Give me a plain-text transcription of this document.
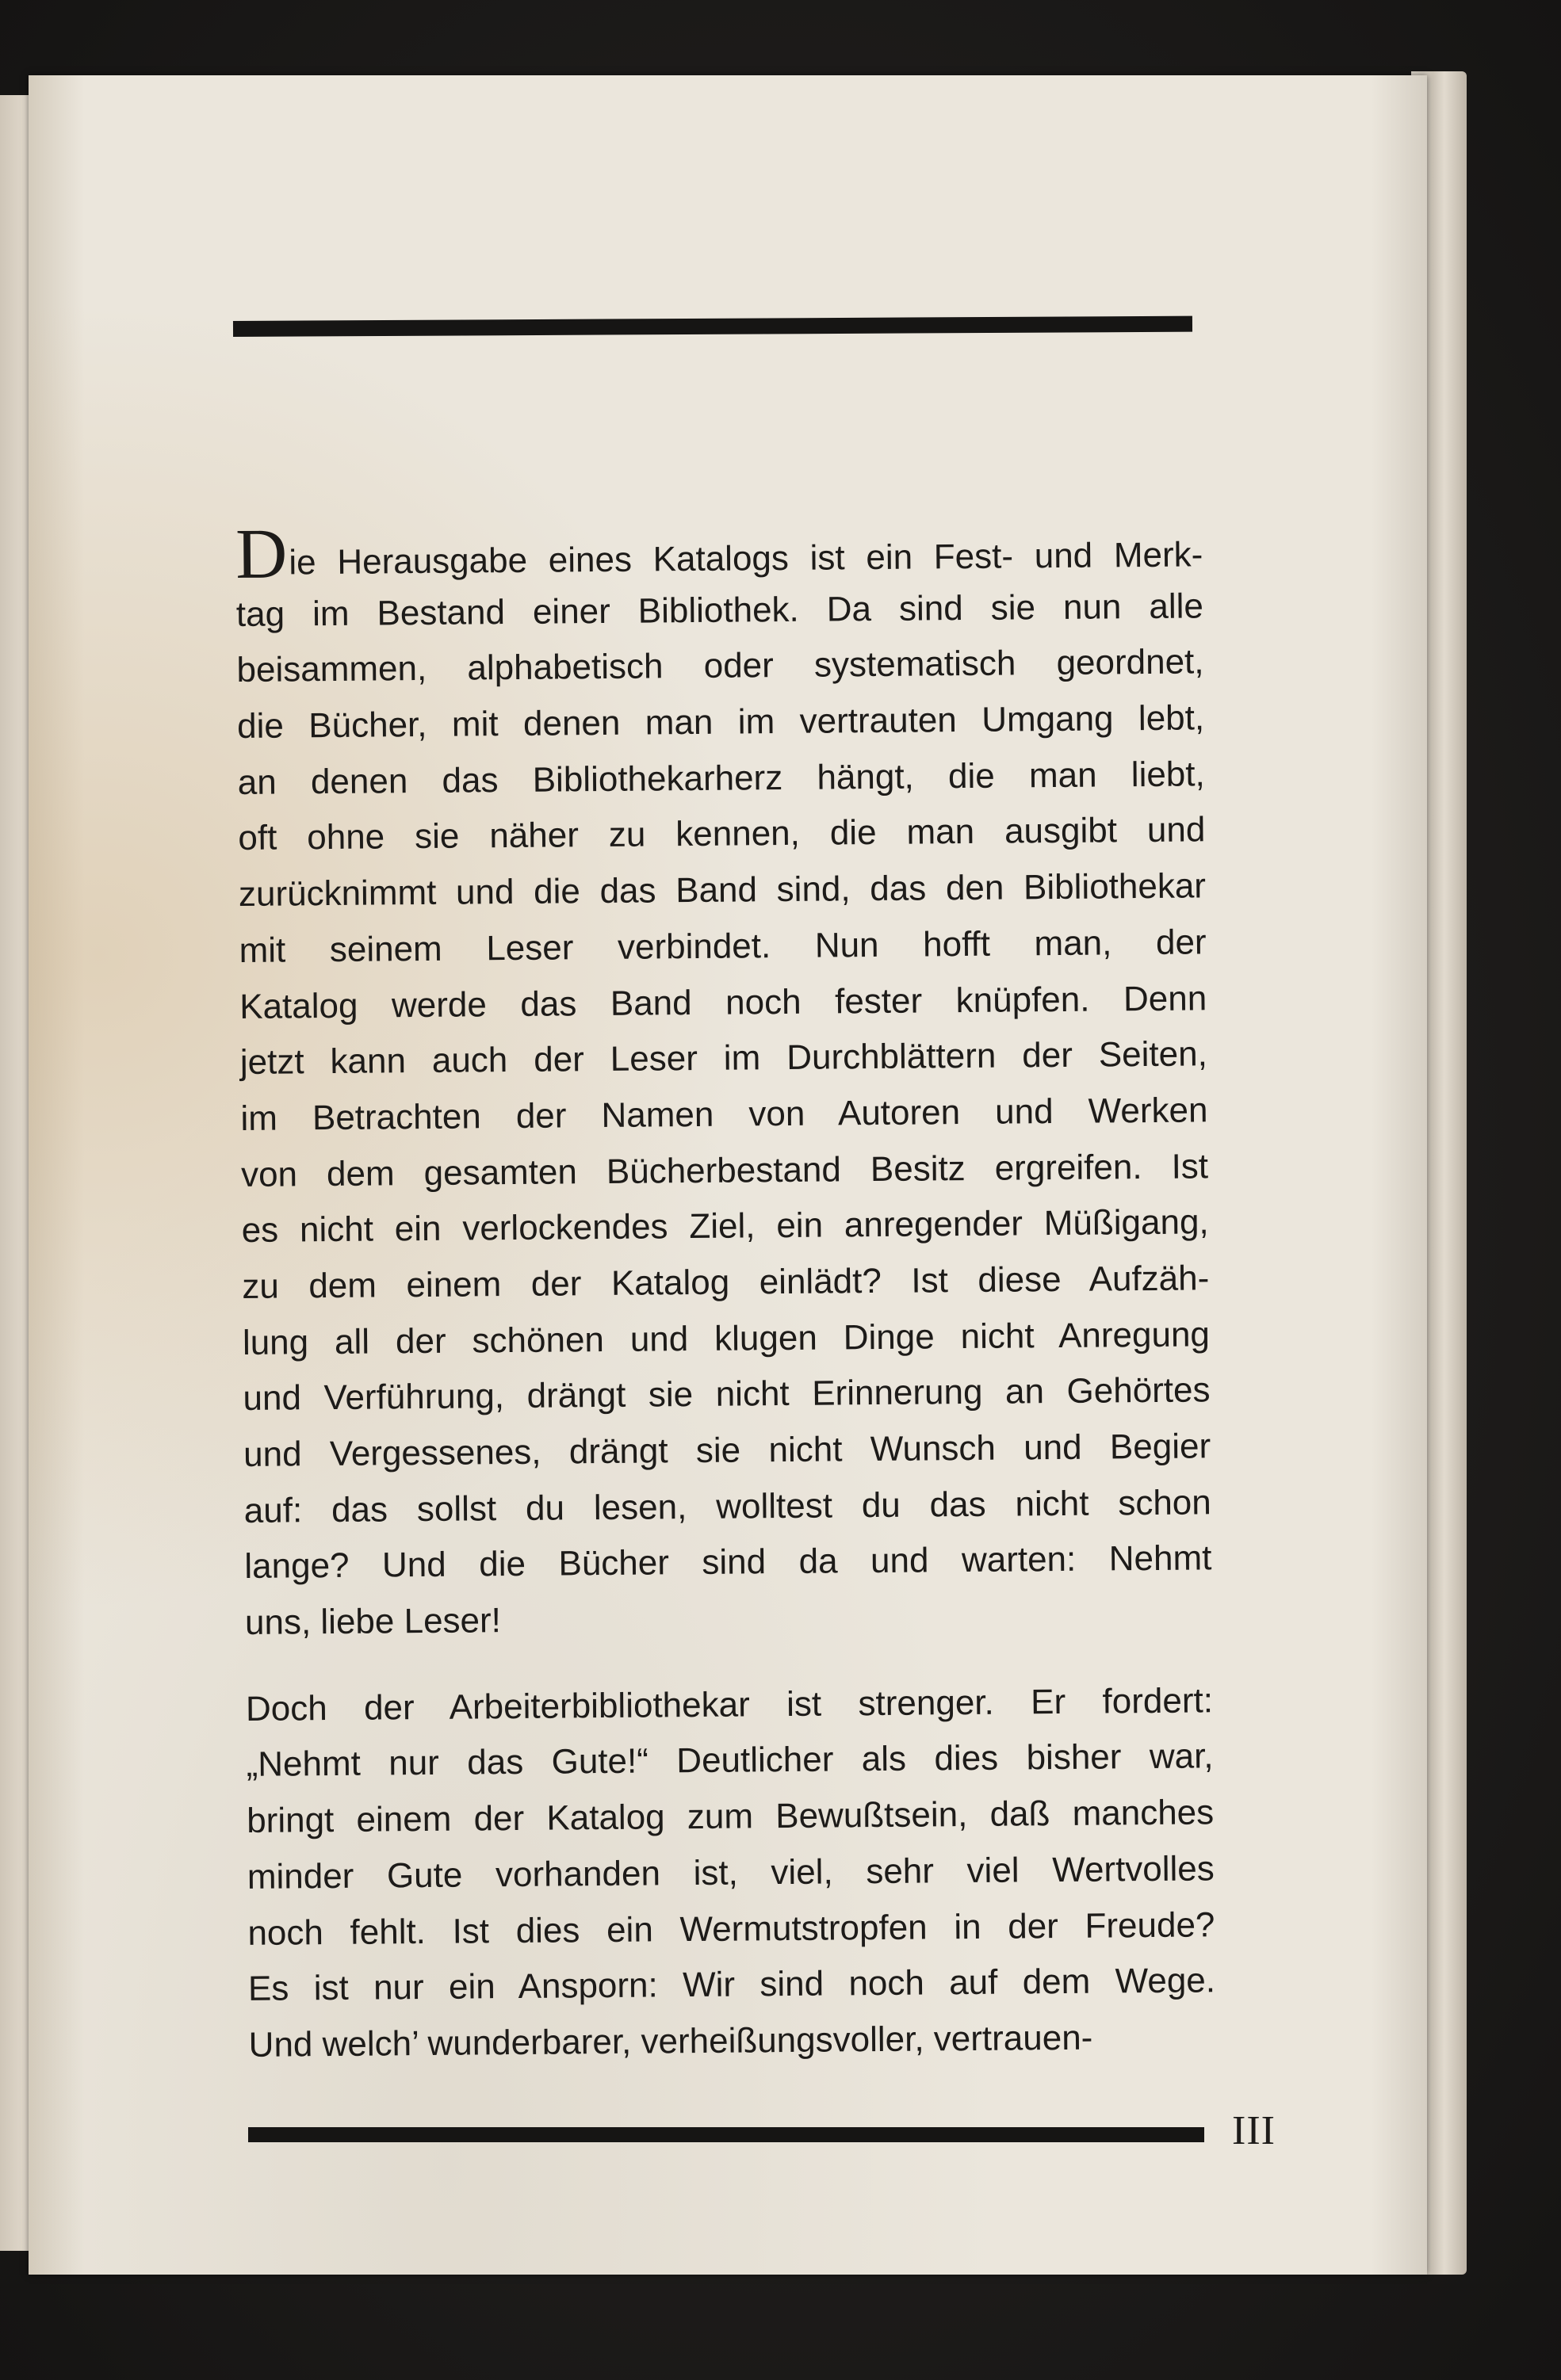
Die Herausgabe eines Katalogs ist ein Fest- und Merk-
tag im Bestand einer Bibliothek. Da sind sie nun alle
beisammen, alphabetisch oder systematisch geordnet,
die Bücher, mit denen man im vertrauten Umgang lebt,
an denen das Bibliothekarherz hängt, die man liebt,
oft ohne sie näher zu kennen, die man ausgibt und
zurücknimmt und die das Band sind, das den Bibliothekar
mit seinem Leser verbindet. Nun hofft man, der
Katalog werde das Band noch fester knüpfen. Denn
jetzt kann auch der Leser im Durchblättern der Seiten,
im Betrachten der Namen von Autoren und Werken
von dem gesamten Bücherbestand Besitz ergreifen. Ist
es nicht ein verlockendes Ziel, ein anregender Müßigang,
zu dem einem der Katalog einlädt? Ist diese Aufzäh-
lung all der schönen und klugen Dinge nicht Anregung
und Verführung, drängt sie nicht Erinnerung an Gehörtes
und Vergessenes, drängt sie nicht Wunsch und Begier
auf: das sollst du lesen, wolltest du das nicht schon
lange? Und die Bücher sind da und warten: Nehmt
uns, liebe Leser!
Doch der Arbeiterbibliothekar ist strenger. Er fordert:
„Nehmt nur das Gute!“ Deutlicher als dies bisher war,
bringt einem der Katalog zum Bewußtsein, daß manches
minder Gute vorhanden ist, viel, sehr viel Wertvolles
noch fehlt. Ist dies ein Wermutstropfen in der Freude?
Es ist nur ein Ansporn: Wir sind noch auf dem Wege.
Und welch’ wunderbarer, verheißungsvoller, vertrauen-
III
